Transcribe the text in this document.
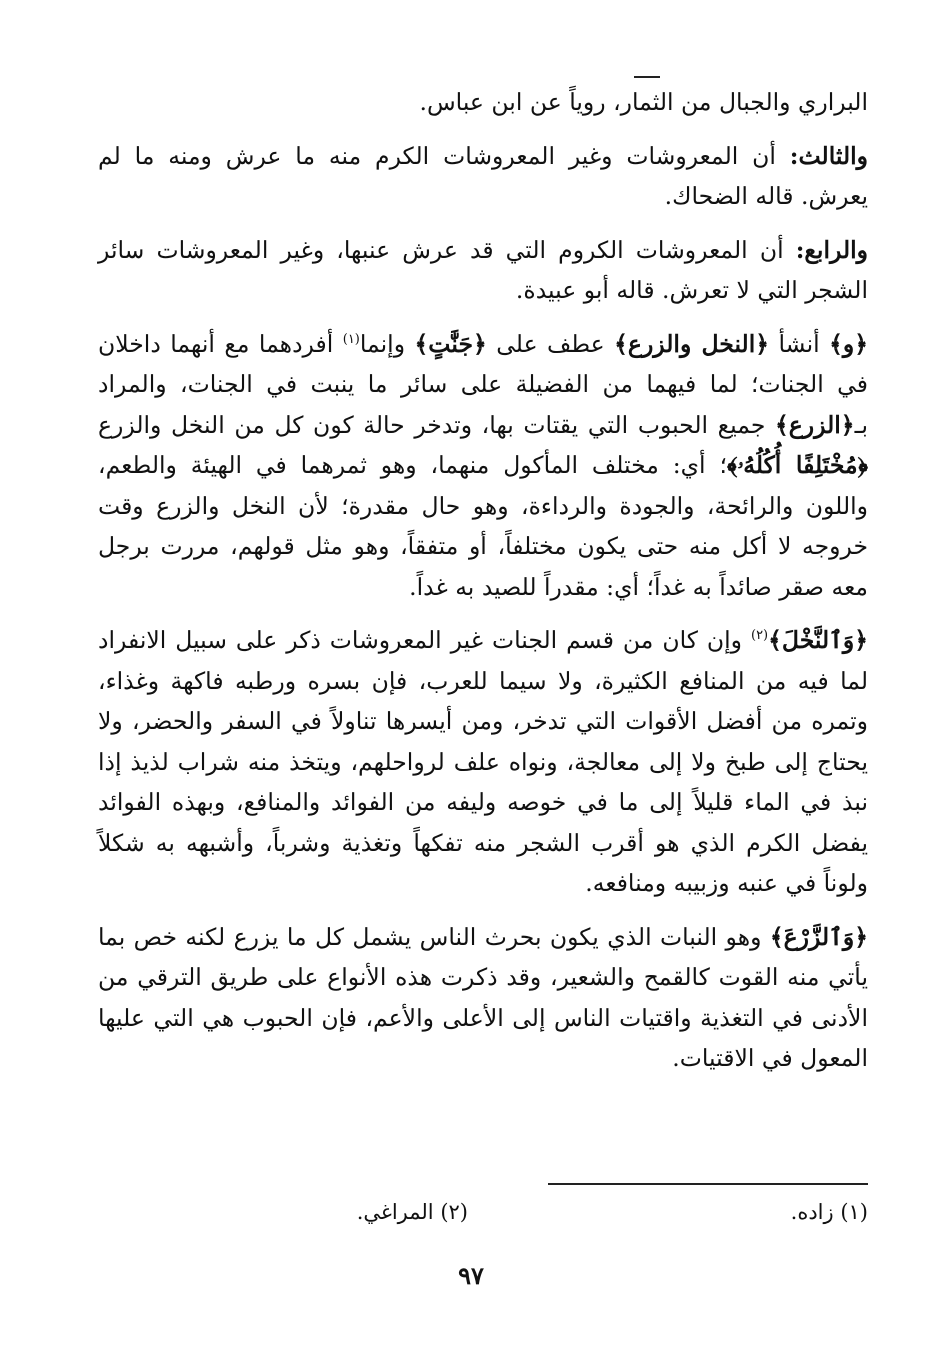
البراري والجبال من الثمار، روياً عن ابن عباس.

والثالث: أن المعروشات وغير المعروشات الكرم منه ما عرش ومنه ما لم يعرش. قاله الضحاك.

والرابع: أن المعروشات الكروم التي قد عرش عنبها، وغير المعروشات سائر الشجر التي لا تعرش. قاله أبو عبيدة.

﴿و﴾ أنشأ ﴿النخل والزرع﴾ عطف على ﴿جَنَّٰتٍ﴾ وإنما$^{(١)}$ أفردهما مع أنهما داخلان في الجنات؛ لما فيهما من الفضيلة على سائر ما ينبت في الجنات، والمراد بـ﴿الزرع﴾ جميع الحبوب التي يقتات بها، وتدخر حالة كون كل من النخل والزرع ﴿مُخْتَلِفًا أُكُلُهُۥ﴾؛ أي: مختلف المأكول منهما، وهو ثمرهما في الهيئة والطعم، واللون والرائحة، والجودة والرداءة، وهو حال مقدرة؛ لأن النخل والزرع وقت خروجه لا أكل منه حتى يكون مختلفاً، أو متفقاً، وهو مثل قولهم، مررت برجل معه صقر صائداً به غداً؛ أي: مقدراً للصيد به غداً.

﴿وَٱلنَّخْلَ﴾$^{(٢)}$ وإن كان من قسم الجنات غير المعروشات ذكر على سبيل الانفراد لما فيه من المنافع الكثيرة، ولا سيما للعرب، فإن بسره ورطبه فاكهة وغذاء، وتمره من أفضل الأقوات التي تدخر، ومن أيسرها تناولاً في السفر والحضر، ولا يحتاج إلى طبخ ولا إلى معالجة، ونواه علف لرواحلهم، ويتخذ منه شراب لذيذ إذا نبذ في الماء قليلاً إلى ما في خوصه وليفه من الفوائد والمنافع، وبهذه الفوائد يفضل الكرم الذي هو أقرب الشجر منه تفكهاً وتغذية وشرباً، وأشبهه به شكلاً ولوناً في عنبه وزبيبه ومنافعه.

﴿وَٱلزَّرْعَ﴾ وهو النبات الذي يكون بحرث الناس يشمل كل ما يزرع لكنه خص بما يأتي منه القوت كالقمح والشعير، وقد ذكرت هذه الأنواع على طريق الترقي من الأدنى في التغذية واقتيات الناس إلى الأعلى والأعم، فإن الحبوب هي التي عليها المعول في الاقتيات.

(١) زاده.
(٢) المراغي.
٩٧
